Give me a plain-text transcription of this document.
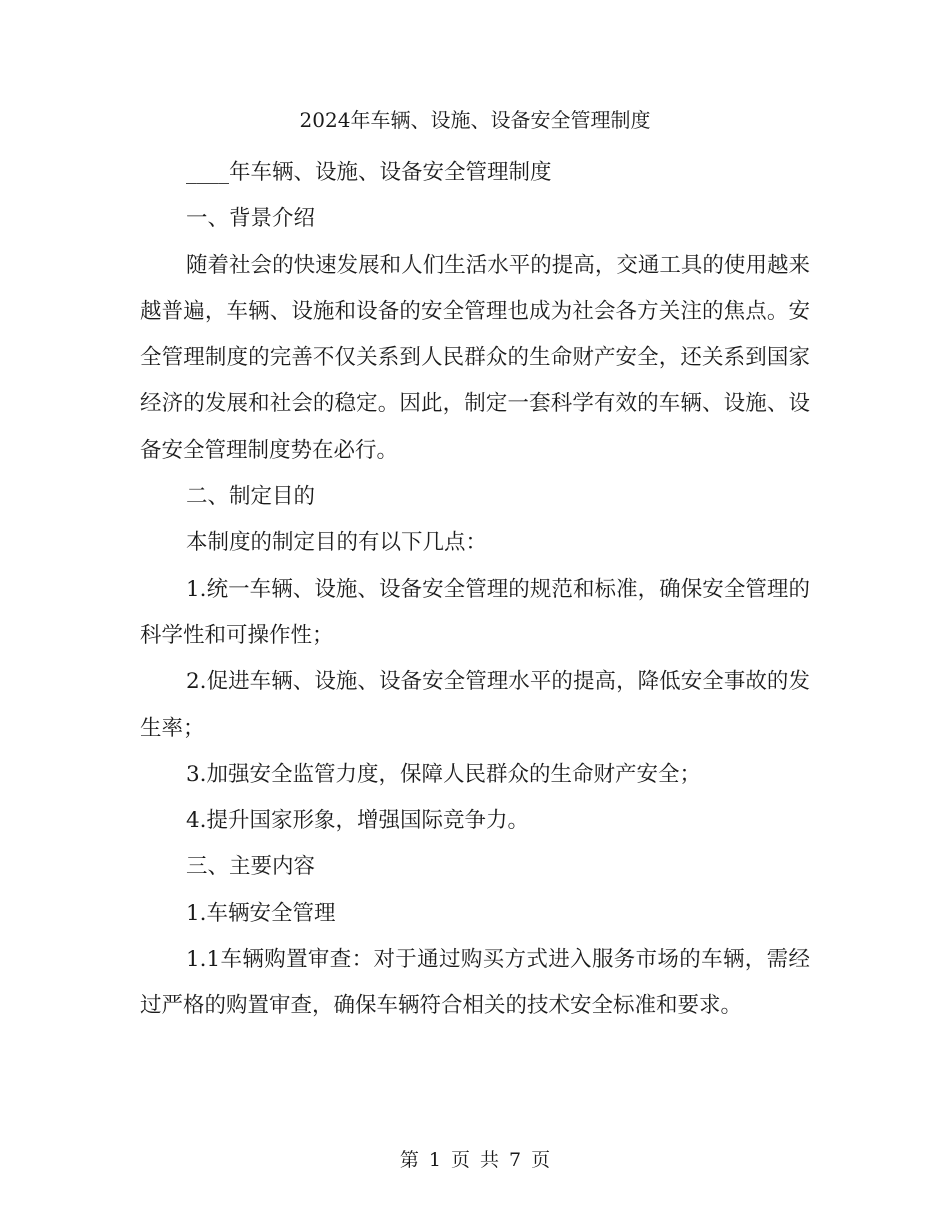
2024年车辆、设施、设备安全管理制度

____年车辆、设施、设备安全管理制度

一、背景介绍

随着社会的快速发展和人们生活水平的提高，交通工具的使用越来越普遍，车辆、设施和设备的安全管理也成为社会各方关注的焦点。安全管理制度的完善不仅关系到人民群众的生命财产安全，还关系到国家经济的发展和社会的稳定。因此，制定一套科学有效的车辆、设施、设备安全管理制度势在必行。

二、制定目的

本制度的制定目的有以下几点：

1.统一车辆、设施、设备安全管理的规范和标准，确保安全管理的科学性和可操作性；

2.促进车辆、设施、设备安全管理水平的提高，降低安全事故的发生率；

3.加强安全监管力度，保障人民群众的生命财产安全；

4.提升国家形象，增强国际竞争力。

三、主要内容

1.车辆安全管理

1.1车辆购置审查：对于通过购买方式进入服务市场的车辆，需经过严格的购置审查，确保车辆符合相关的技术安全标准和要求。

第 1 页 共 7 页
